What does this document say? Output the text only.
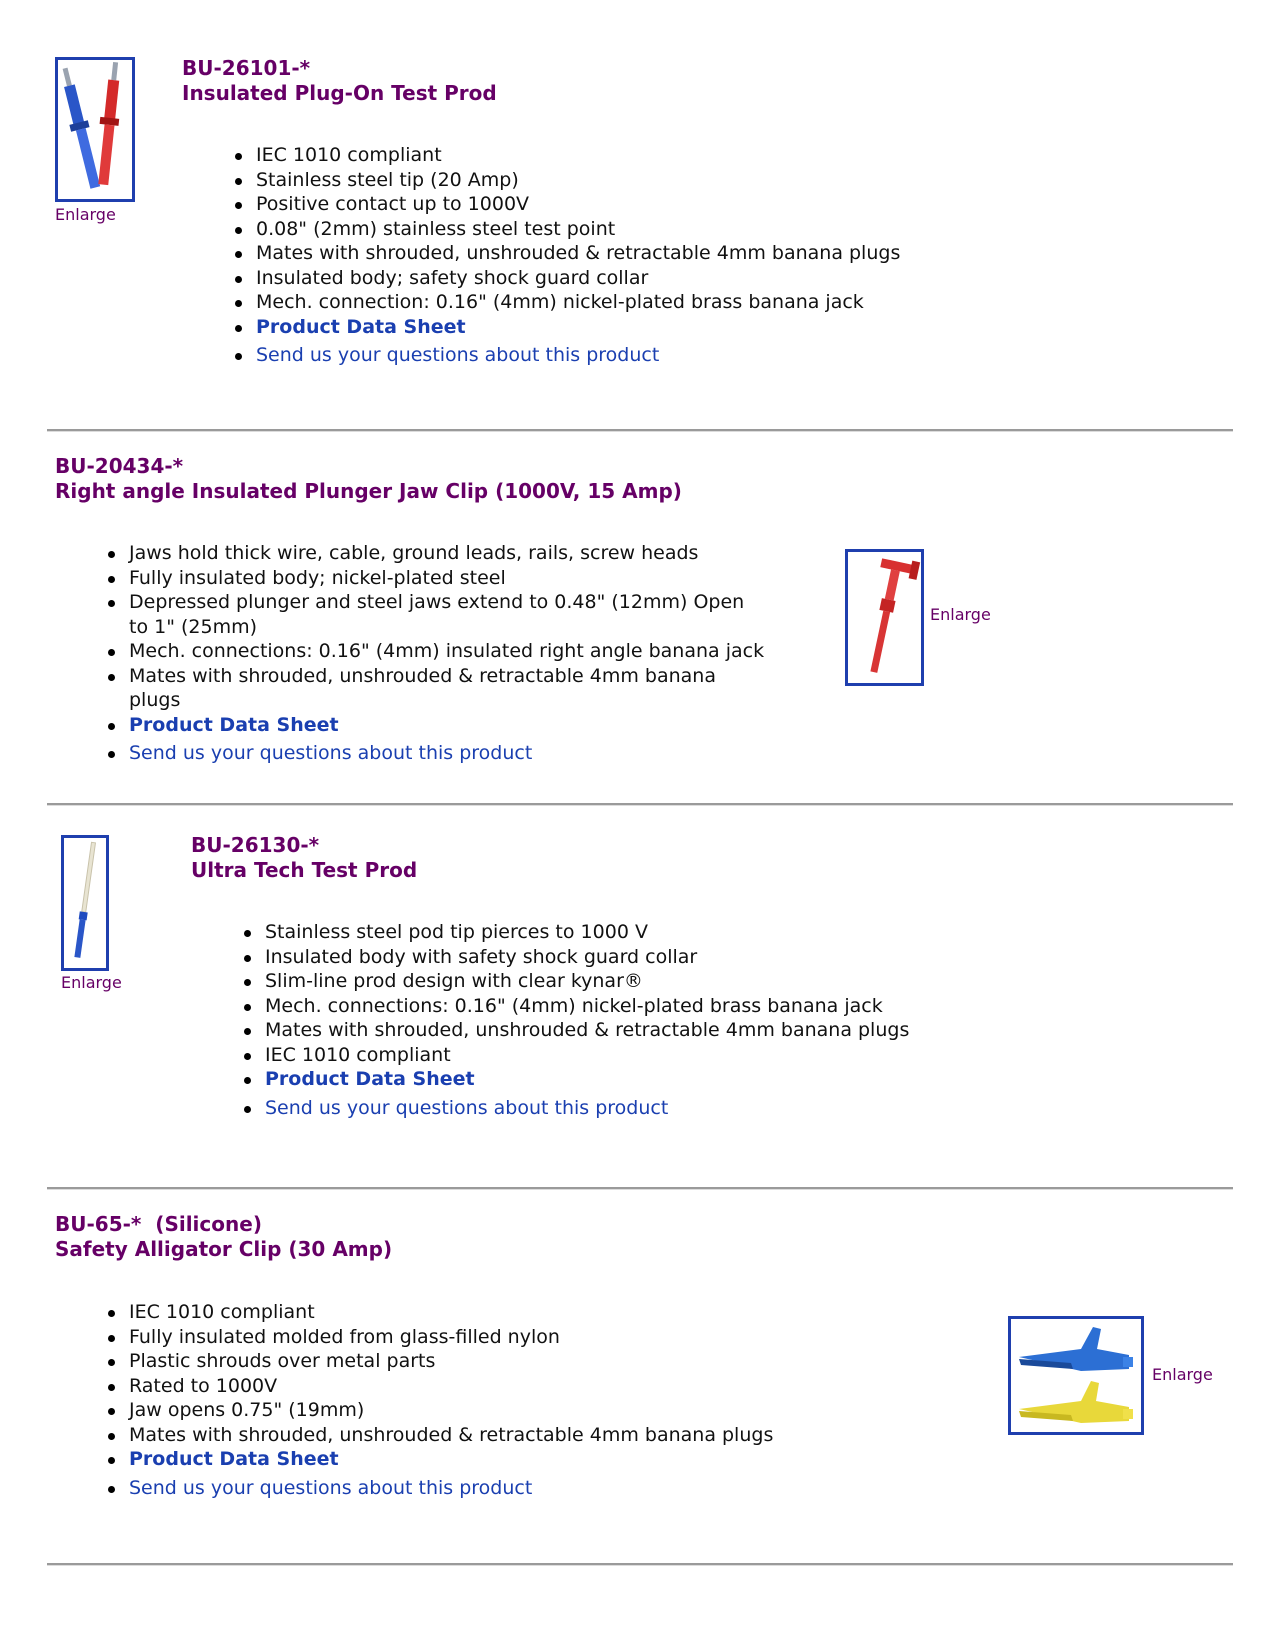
Enlarge

BU-26101-*

Insulated Plug-On Test Prod

IEC 1010 compliant
Stainless steel tip (20 Amp)
Positive contact up to 1000V
0.08" (2mm) stainless steel test point
Mates with shrouded, unshrouded & retractable 4mm banana plugs
Insulated body; safety shock guard collar
Mech. connection: 0.16" (4mm) nickel-plated brass banana jack
Product Data Sheet
Send us your questions about this product

BU-20434-*

Right angle Insulated Plunger Jaw Clip (1000V, 15 Amp)

Jaws hold thick wire, cable, ground leads, rails, screw heads
Fully insulated body; nickel-plated steel
Depressed plunger and steel jaws extend to 0.48" (12mm) Open to 1" (25mm)
Mech. connections: 0.16" (4mm) insulated right angle banana jack
Mates with shrouded, unshrouded & retractable 4mm banana plugs
Product Data Sheet
Send us your questions about this product
Enlarge
Enlarge

BU-26130-*

Ultra Tech Test Prod

Stainless steel pod tip pierces to 1000 V
Insulated body with safety shock guard collar
Slim-line prod design with clear kynar®
Mech. connections: 0.16" (4mm) nickel-plated brass banana jack
Mates with shrouded, unshrouded & retractable 4mm banana plugs
IEC 1010 compliant
Product Data Sheet
Send us your questions about this product

BU-65-*  (Silicone)

Safety Alligator Clip (30 Amp)

IEC 1010 compliant
Fully insulated molded from glass-filled nylon
Plastic shrouds over metal parts
Rated to 1000V
Jaw opens 0.75" (19mm)
Mates with shrouded, unshrouded & retractable 4mm banana plugs
Product Data Sheet
Send us your questions about this product
Enlarge
